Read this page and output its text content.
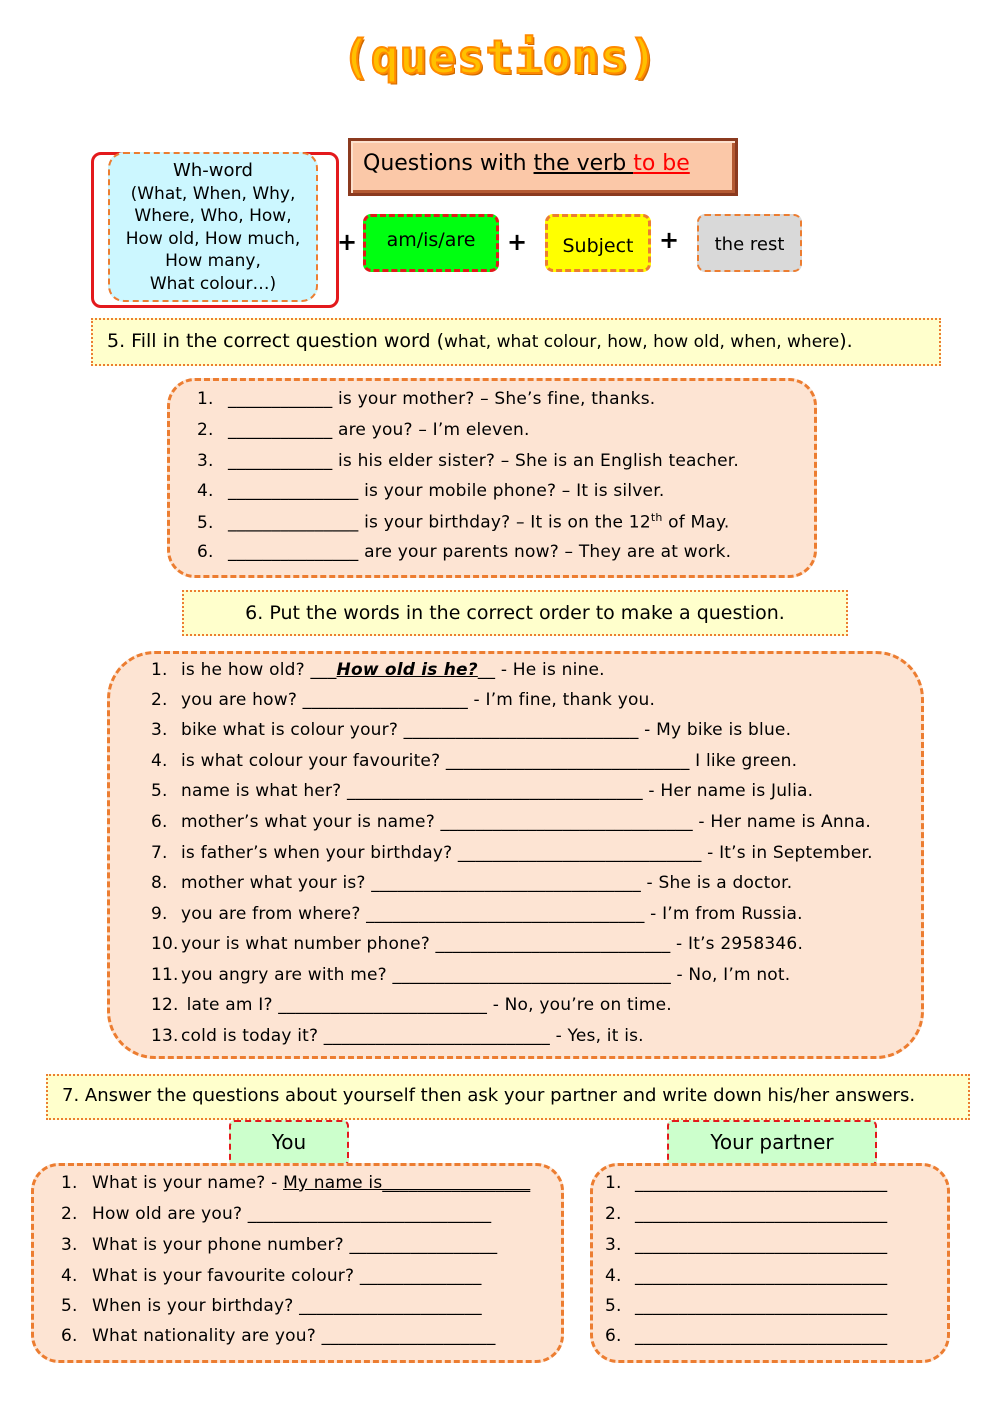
(questions)
Wh-word
(What, When, Why,
Where, Who, How,
How old, How much,
How many,
What colour…)
Questions with the verb to be
+	am/is/are	+	Subject	+	the rest
5. Fill in the correct question word (what, what colour, how, how old, when, where).
1. ____________ is your mother? – She’s fine, thanks.
2. ____________ are you? – I’m eleven.
3. ____________ is his elder sister? – She is an English teacher.
4. _______________ is your mobile phone? – It is silver.
5. _______________ is your birthday? – It is on the 12th of May.
6. _______________ are your parents now? – They are at work.
6. Put the words in the correct order to make a question.
1. is he how old? ___How old is he?__ - He is nine.
2. you are how? ___________________ - I’m fine, thank you.
3. bike what is colour your? ___________________________ - My bike is blue.
4. is what colour your favourite? ____________________________ I like green.
5. name is what her? __________________________________ - Her name is Julia.
6. mother’s what your is name? _____________________________ - Her name is Anna.
7. is father’s when your birthday? ____________________________ - It’s in September.
8. mother what your is? _______________________________ - She is a doctor.
9. you are from where? ________________________________ - I’m from Russia.
10. your is what number phone? ___________________________ - It’s 2958346.
11. you angry are with me? ________________________________ - No, I’m not.
12. late am I? ________________________ - No, you’re on time.
13. cold is today it? __________________________ - Yes, it is.
7. Answer the questions about yourself then ask your partner and write down his/her answers.
You	Your partner
1. What is your name? - My name is_________________
2. How old are you? ____________________________
3. What is your phone number? _________________
4. What is your favourite colour? ______________
5. When is your birthday? _____________________
6. What nationality are you? ____________________
1. _____________________________
2. _____________________________
3. _____________________________
4. _____________________________
5. _____________________________
6. _____________________________
